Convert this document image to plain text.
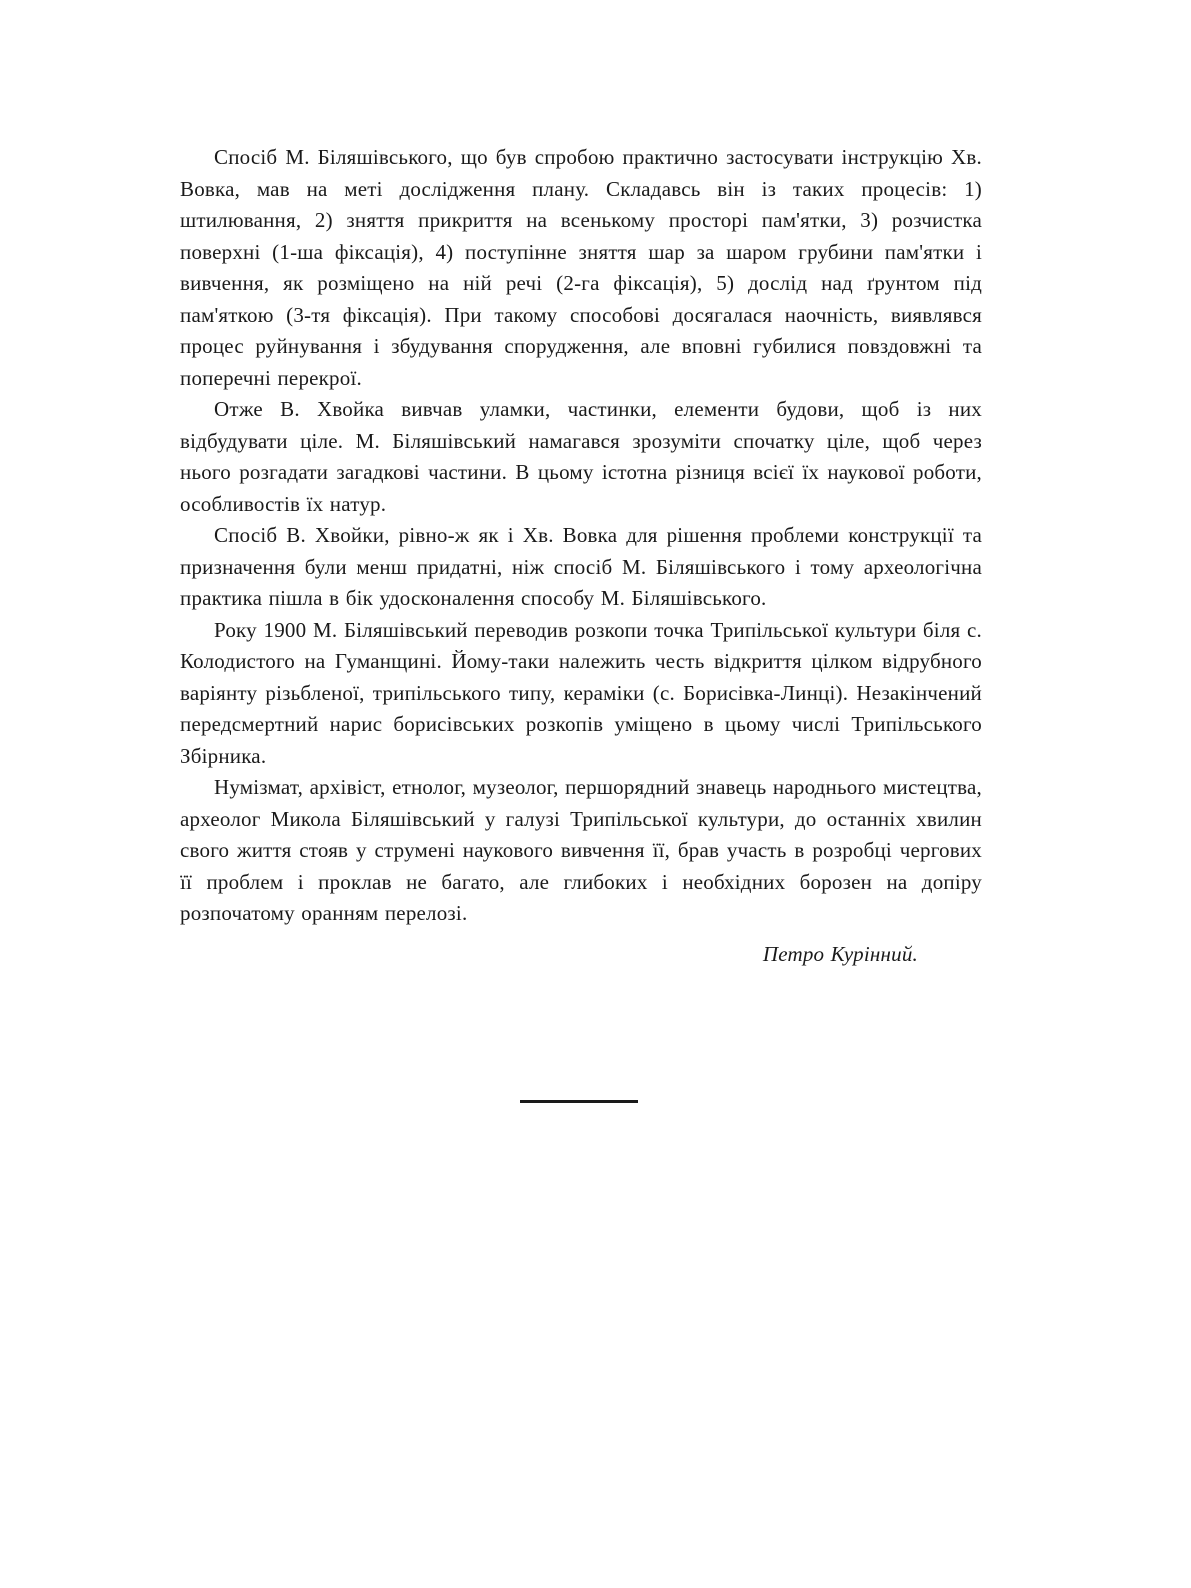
Спосіб М. Біляшівського, що був спробою практично застосувати інструкцію Хв. Вовка, мав на меті дослідження плану. Складавсь він із таких процесів: 1) штилювання, 2) зняття прикриття на всенькому просторі пам'ятки, 3) розчистка поверхні (1-ша фіксація), 4) поступінне зняття шар за шаром грубини пам'ятки і вивчення, як розміщено на ній речі (2-га фіксація), 5) дослід над ґрунтом під пам'яткою (3-тя фіксація). При такому способові досягалася наочність, виявлявся процес руйнування і збудування спорудження, але вповні губилися повздовжні та поперечні перекрої.

Отже В. Хвойка вивчав уламки, частинки, елементи будови, щоб із них відбудувати ціле. М. Біляшівський намагався зрозуміти спочатку ціле, щоб через нього розгадати загадкові частини. В цьому істотна різниця всієї їх наукової роботи, особливостів їх натур.

Спосіб В. Хвойки, рівно-ж як і Хв. Вовка для рішення проблеми конструкції та призначення були менш придатні, ніж спосіб М. Біляшівського і тому археологічна практика пішла в бік удосконалення способу М. Біляшівського.

Року 1900 М. Біляшівський переводив розкопи точка Трипільської культури біля с. Колодистого на Гуманщині. Йому-таки належить честь відкриття цілком відрубного варіянту різьбленої, трипільського типу, кераміки (с. Борисівка-Линці). Незакінчений передсмертний нарис борисівських розкопів уміщено в цьому числі Трипільського Збірника.

Нумізмат, архівіст, етнолог, музеолог, першорядний знавець народнього мистецтва, археолог Микола Біляшівський у галузі Трипільської культури, до останніх хвилин свого життя стояв у струмені наукового вивчення її, брав участь в розробці чергових її проблем і проклав не багато, але глибоких і необхідних борозен на допіру розпочатому оранням перелозі.

Петро Курінний.
